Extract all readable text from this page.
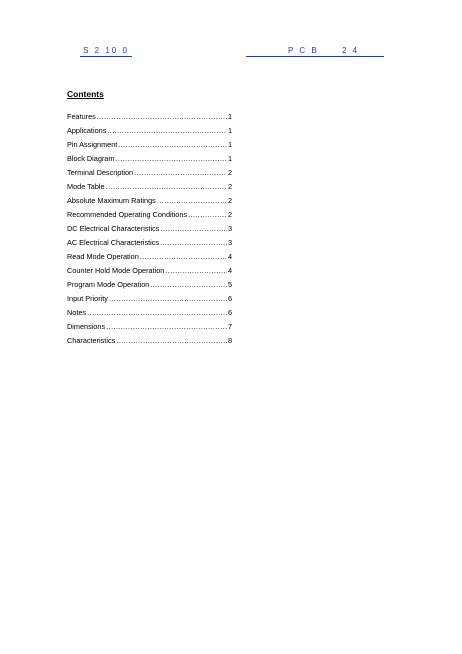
S 2 10 0	P C B	2 4
Contents
Features .....	1
Applications .....	1
Pin Assignment .....	1
Block Diagram .....	1
Terminal Description .....	2
Mode Table .....	2
Absolute Maximum Ratings .....	2
Recommended Operating Conditions .....	2
DC Electrical Characteristics .....	3
AC Electrical Characteristics .....	3
Read Mode Operation .....	4
Counter Hold Mode Operation .....	4
Program Mode Operation .....	5
Input Priority .....	6
Notes .....	6
Dimensions .....	7
Characteristics .....	8
